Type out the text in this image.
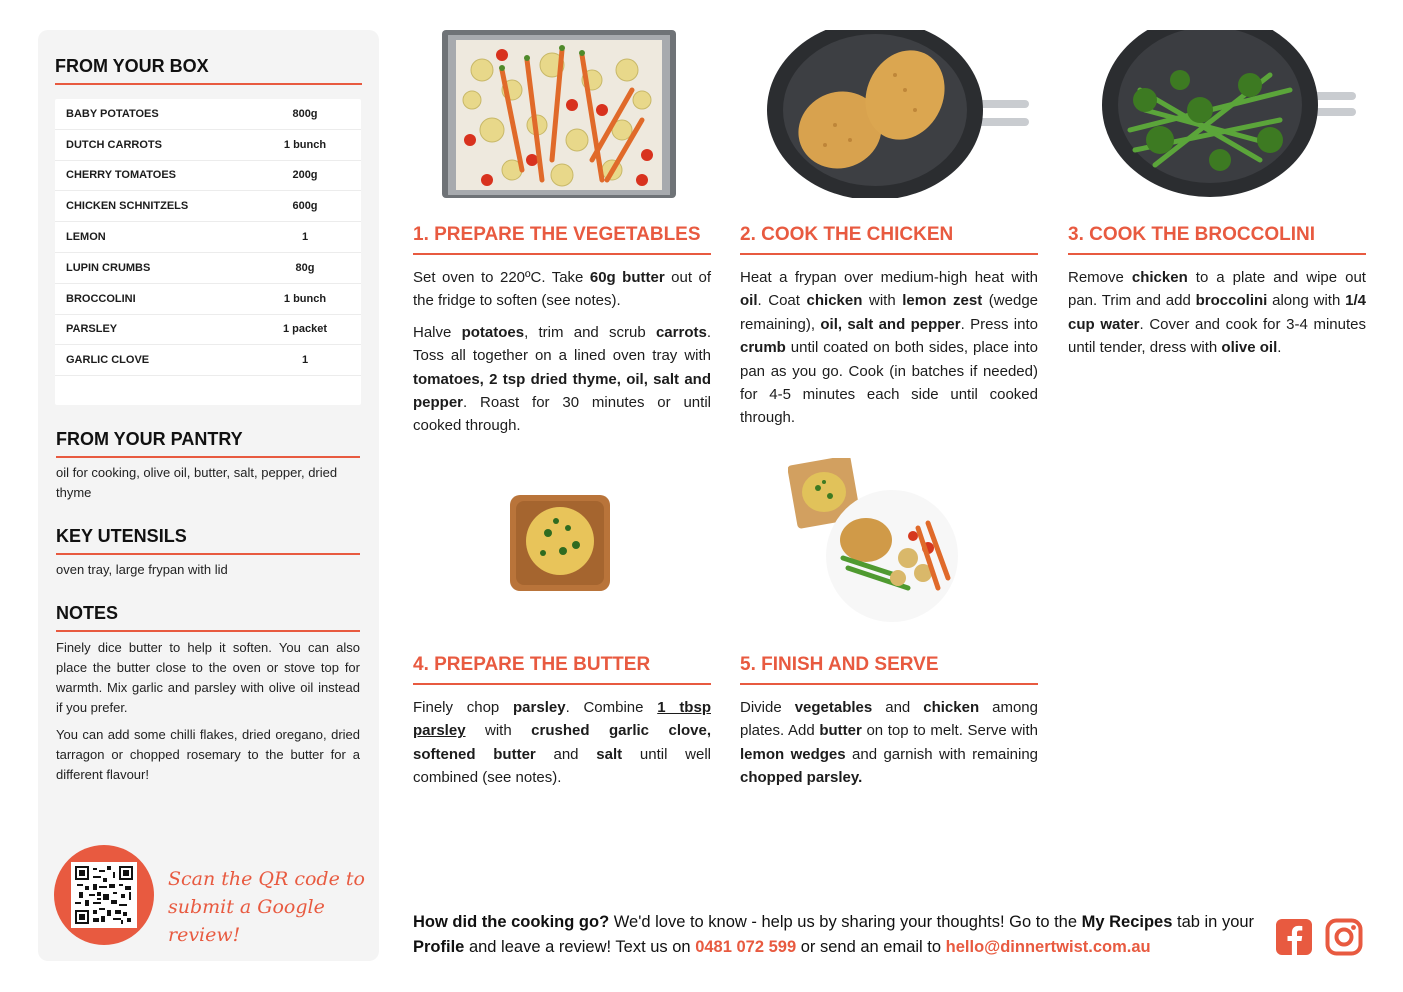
FROM YOUR BOX
BABY POTATOES	800g
DUTCH CARROTS	1 bunch
CHERRY TOMATOES	200g
CHICKEN SCHNITZELS	600g
LEMON	1
LUPIN CRUMBS	80g
BROCCOLINI	1 bunch
PARSLEY	1 packet
GARLIC CLOVE	1
FROM YOUR PANTRY

oil for cooking, olive oil, butter, salt, pepper, dried thyme

KEY UTENSILS

oven tray, large frypan with lid

NOTES

Finely dice butter to help it soften. You can also place the butter close to the oven or stove top for warmth. Mix garlic and parsley with olive oil instead if you prefer.

You can add some chilli flakes, dried oregano, dried tarragon or chopped rosemary to the butter for a different flavour!

Scan the QR code to
submit a Google review!
1. PREPARE THE VEGETABLES

Set oven to 220ºC. Take 60g butter out of the fridge to soften (see notes).

Halve potatoes, trim and scrub carrots. Toss all together on a lined oven tray with tomatoes, 2 tsp dried thyme, oil, salt and pepper. Roast for 30 minutes or until cooked through.

2. COOK THE CHICKEN

Heat a frypan over medium-high heat with oil. Coat chicken with lemon zest (wedge remaining), oil, salt and pepper. Press into crumb until coated on both sides, place into pan as you go. Cook (in batches if needed) for 4-5 minutes each side until cooked through.

3. COOK THE BROCCOLINI

Remove chicken to a plate and wipe out pan. Trim and add broccolini along with 1/4 cup water. Cover and cook for 3-4 minutes until tender, dress with olive oil.

4. PREPARE THE BUTTER

Finely chop parsley. Combine 1 tbsp parsley with crushed garlic clove, softened butter and salt until well combined (see notes).

5. FINISH AND SERVE

Divide vegetables and chicken among plates. Add butter on top to melt. Serve with lemon wedges and garnish with remaining chopped parsley.

How did the cooking go? We'd love to know - help us by sharing your thoughts! Go to the My Recipes tab in your Profile and leave a review! Text us on 0481 072 599 or send an email to hello@dinnertwist.com.au
